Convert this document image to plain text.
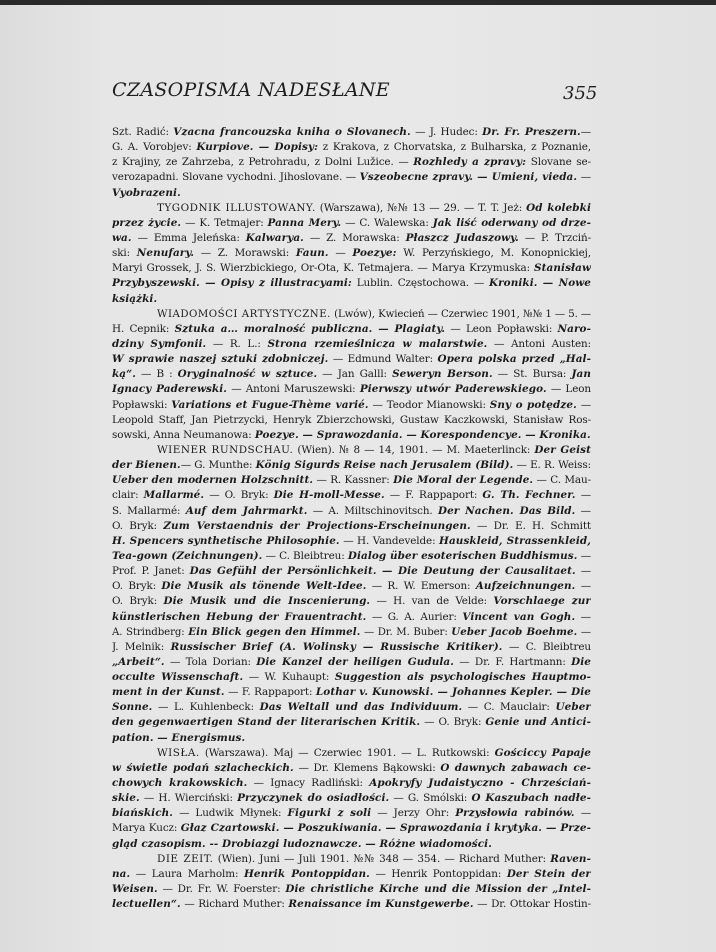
CZASOPISMA NADESŁANE	355
Szt. Radić: Vzacna francouzska kniha o Slovanech. — J. Hudec: Dr. Fr. Preszern.—
G. A. Vorobjev: Kurpiove. — Dopisy: z Krakova, z Chorvatska, z Bulharska, z Poznanie,
z Krajiny, ze Zahrzeba, z Petrohradu, z Dolni Lužice. — Rozhledy a zpravy: Slovane se-
verozapadni. Slovane vychodni. Jihoslovane. — Vszeobecne zpravy. — Umieni, vieda. —
Vyobrazeni.
TYGODNIK ILLUSTOWANY. (Warszawa), №№ 13 — 29. — T. T. Jeż: Od kolebki
przez życie. — K. Tetmajer: Panna Mery. — C. Walewska: Jak liść oderwany od drze-
wa. — Emma Jeleńska: Kalwarya. — Z. Morawska: Płaszcz Judaszowy. — P. Trzciń-
ski: Nenufary. — Z. Morawski: Faun. — Poezye: W. Perzyńskiego, M. Konopnickiej,
Maryi Grossek, J. S. Wierzbickiego, Or-Ota, K. Tetmajera. — Marya Krzymuska: Stanisław
Przybyszewski. — Opisy z illustracyami: Lublin. Częstochowa. — Kroniki. — Nowe
książki.
WIADOMOŚCI ARTYSTYCZNE. (Lwów), Kwiecień — Czerwiec 1901, №№ 1 — 5. —
H. Cepnik: Sztuka a… moralność publiczna. — Plagiaty. — Leon Popławski: Naro-
dziny Symfonii. — R. L.: Strona rzemieślnicza w malarstwie. — Antoni Austen:
W sprawie naszej sztuki zdobniczej. — Edmund Walter: Opera polska przed „Hal-
ką“. — B : Oryginalność w sztuce. — Jan Galll: Seweryn Berson. — St. Bursa: Jan
Ignacy Paderewski. — Antoni Maruszewski: Pierwszy utwór Paderewskiego. — Leon
Popławski: Variations et Fugue-Thème varié. — Teodor Mianowski: Sny o potędze. —
Leopold Staff, Jan Pietrzycki, Henryk Zbierzchowski, Gustaw Kaczkowski, Stanisław Ros-
sowski, Anna Neumanowa: Poezye. — Sprawozdania. — Korespondencye. — Kronika.
WIENER RUNDSCHAU. (Wien). № 8 — 14, 1901. — M. Maeterlinck: Der Geist
der Bienen.— G. Munthe: König Sigurds Reise nach Jerusalem (Bild). — E. R. Weiss:
Ueber den modernen Holzschnitt. — R. Kassner: Die Moral der Legende. — C. Mau-
clair: Mallarmé. — O. Bryk: Die H-moll-Messe. — F. Rappaport: G. Th. Fechner. —
S. Mallarmé: Auf dem Jahrmarkt. — A. Miltschinovitsch. Der Nachen. Das Bild. —
O. Bryk: Zum Verstaendnis der Projections-Erscheinungen. — Dr. E. H. Schmitt
H. Spencers synthetische Philosophie. — H. Vandevelde: Hauskleid, Strassenkleid,
Tea-gown (Zeichnungen). — C. Bleibtreu: Dialog über esoterischen Buddhismus. —
Prof. P. Janet: Das Gefühl der Persönlichkeit. — Die Deutung der Causalitaet. —
O. Bryk: Die Musik als tönende Welt-Idee. — R. W. Emerson: Aufzeichnungen. —
O. Bryk: Die Musik und die Inscenierung. — H. van de Velde: Vorschlaege zur
künstlerischen Hebung der Frauentracht. — G. A. Aurier: Vincent van Gogh. —
A. Strindberg: Ein Blick gegen den Himmel. — Dr. M. Buber: Ueber Jacob Boehme. —
J. Melnik: Russischer Brief (A. Wolinsky — Russische Kritiker). — C. Bleibtreu
„Arbeit“. — Tola Dorian: Die Kanzel der heiligen Gudula. — Dr. F. Hartmann: Die
occulte Wissenschaft. — W. Kuhaupt: Suggestion als psychologisches Hauptmo-
ment in der Kunst. — F. Rappaport: Lothar v. Kunowski. — Johannes Kepler. — Die
Sonne. — L. Kuhlenbeck: Das Weltall und das Individuum. — C. Mauclair: Ueber
den gegenwaertigen Stand der literarischen Kritik. — O. Bryk: Genie und Antici-
pation. — Energismus.
WISŁA. (Warszawa). Maj — Czerwiec 1901. — L. Rutkowski: Gościccy Papaje
w świetle podań szlacheckich. — Dr. Klemens Bąkowski: O dawnych zabawach ce-
chowych krakowskich. — Ignacy Radliński: Apokryfy Judaistyczno - Chrześciań-
skie. — H. Wierciński: Przyczynek do osiadłości. — G. Smólski: O Kaszubach nadłe-
biańskich. — Ludwik Młynek: Figurki z soli — Jerzy Ohr: Przysłowia rabinów. —
Marya Kucz: Głaz Czartowski. — Poszukiwania. — Sprawozdania i krytyka. — Prze-
gląd czasopism. -- Drobiazgi ludoznawcze. — Różne wiadomości.
DIE ZEIT. (Wien). Juni — Juli 1901. №№ 348 — 354. — Richard Muther: Raven-
na. — Laura Marholm: Henrik Pontoppidan. — Henrik Pontoppidan: Der Stein der
Weisen. — Dr. Fr. W. Foerster: Die christliche Kirche und die Mission der „Intel-
lectuellen“. — Richard Muther: Renaissance im Kunstgewerbe. — Dr. Ottokar Hostin-
